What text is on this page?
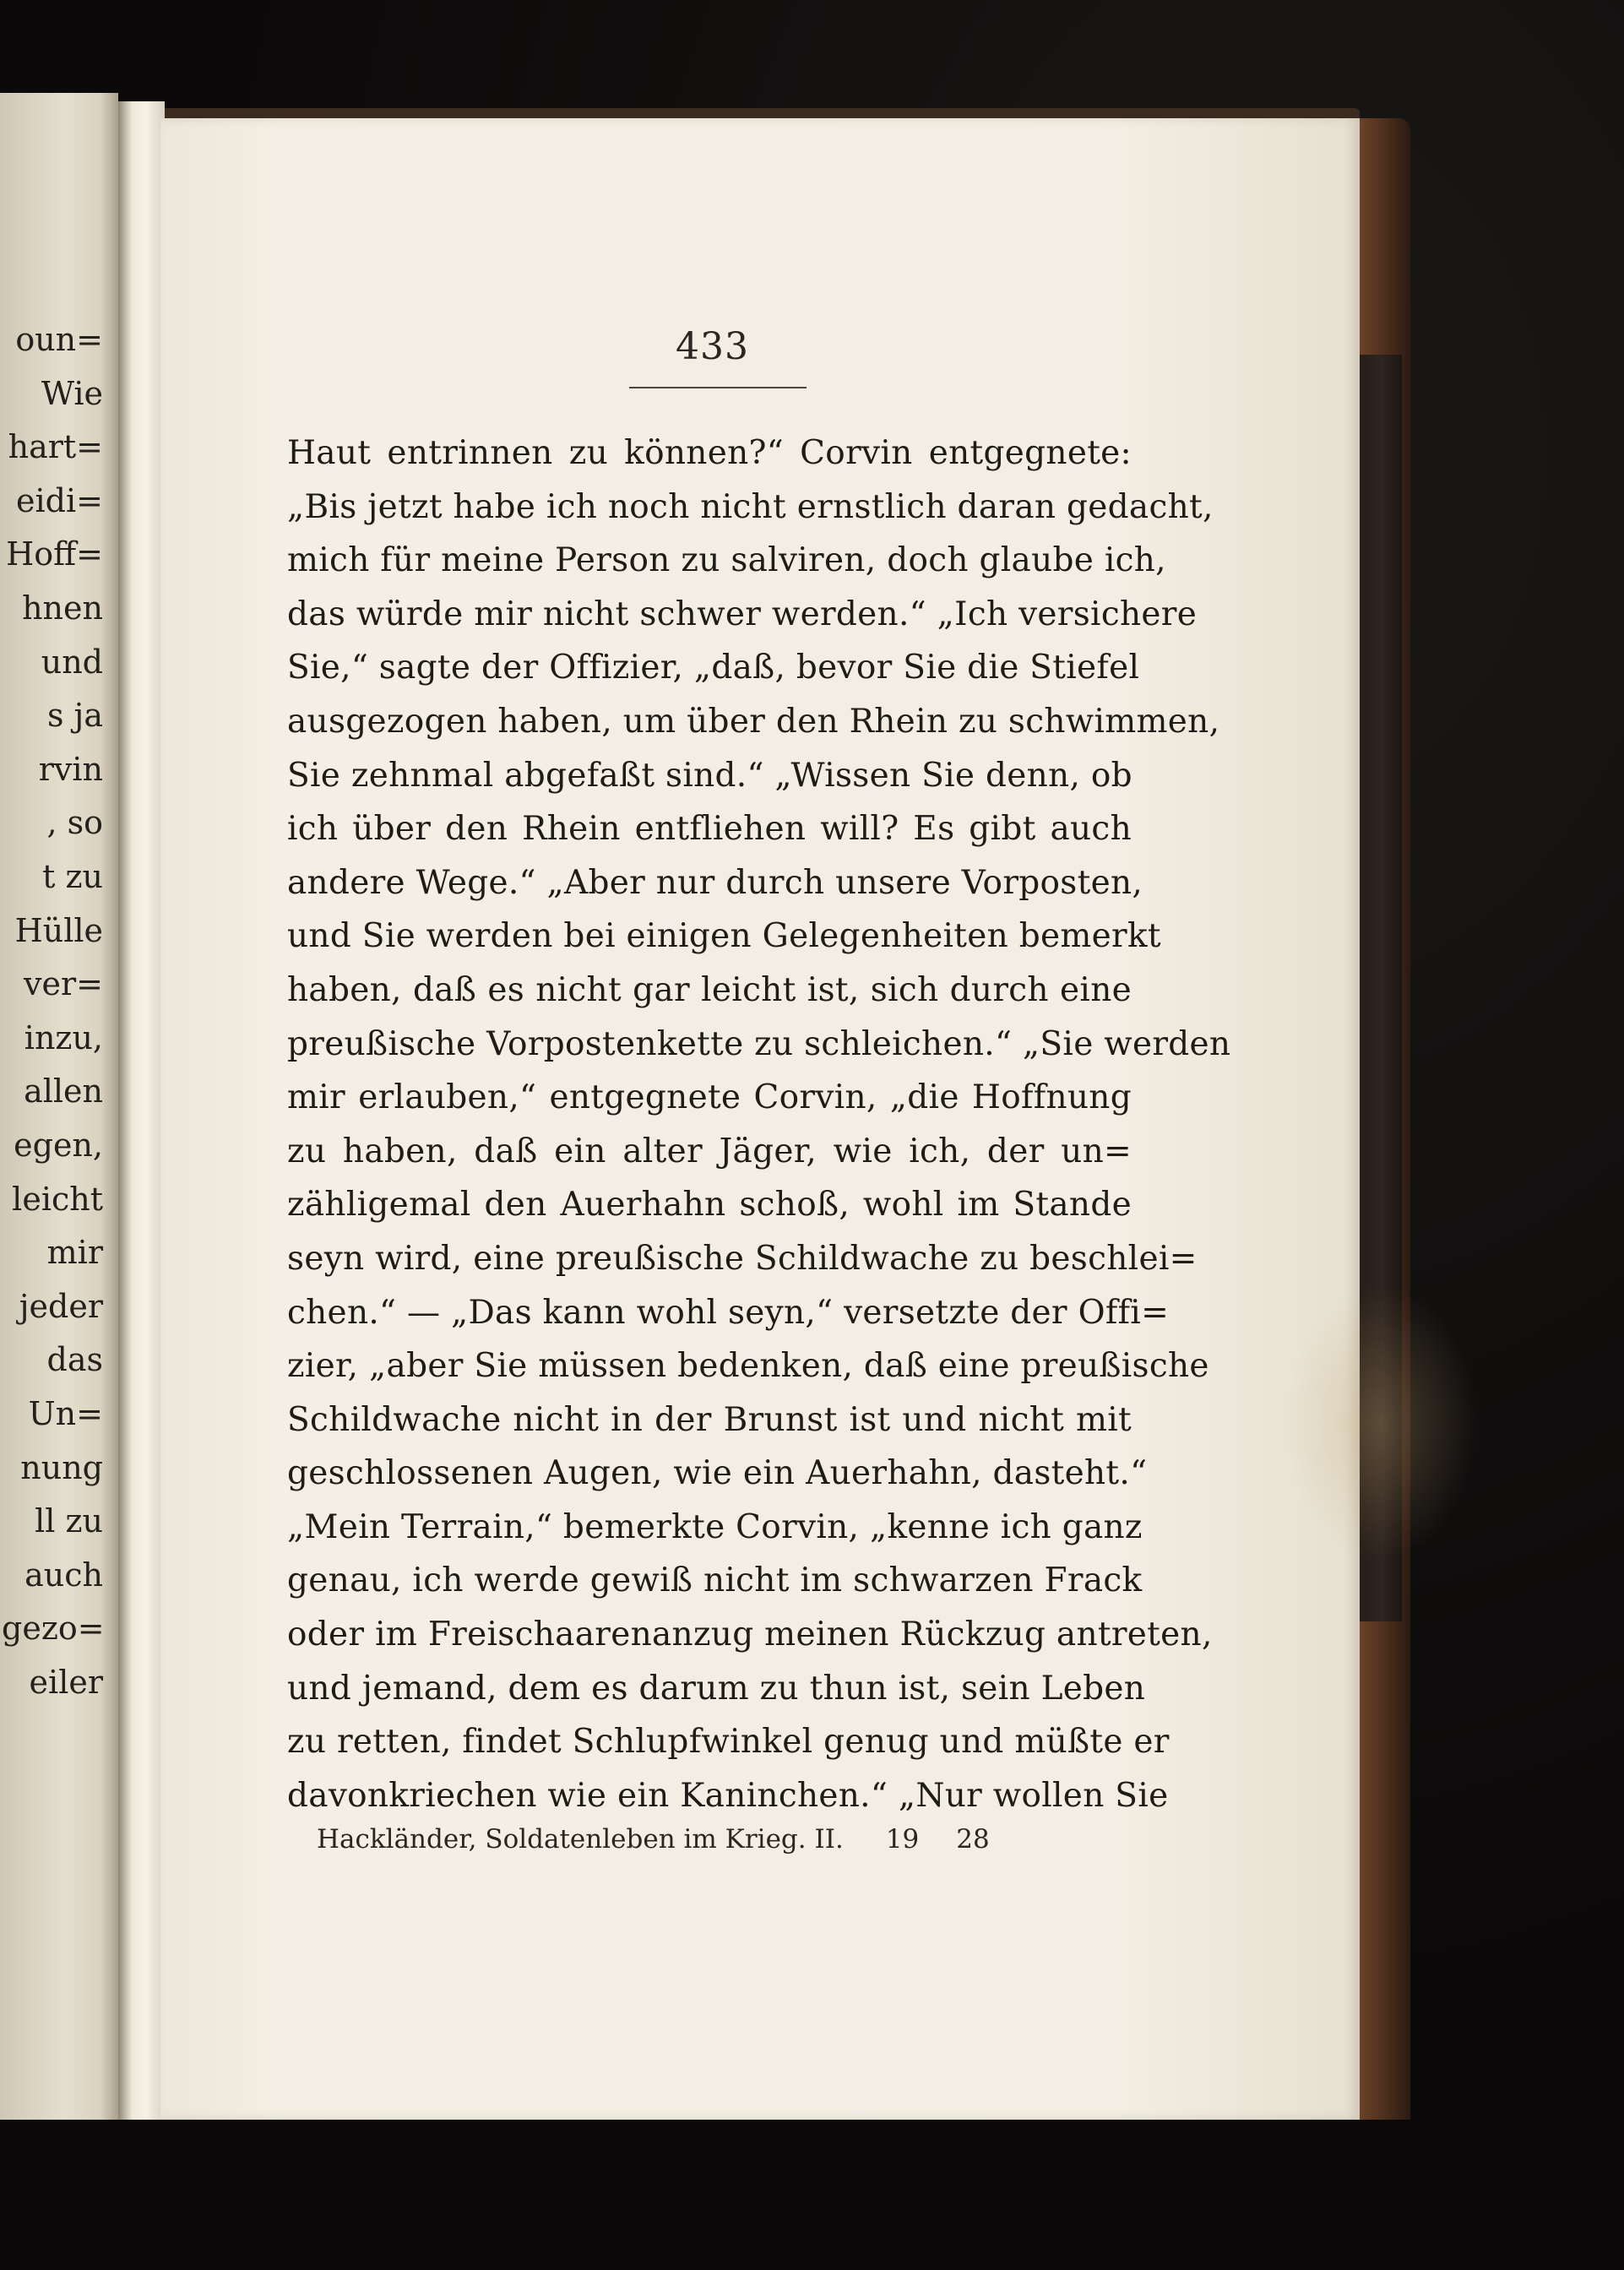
oun=
Wie
hart=
eidi=
Hoff=
hnen
und
s ja
rvin
, so
t zu
Hülle
ver=
inzu,
allen
egen,
leicht
mir
jeder
das
Un=
nung
ll zu
auch
gezo=
eiler
433
Haut entrinnen zu können?“ Corvin entgegnete:
„Bis jetzt habe ich noch nicht ernstlich daran gedacht,
mich für meine Person zu salviren, doch glaube ich,
das würde mir nicht schwer werden.“ „Ich versichere
Sie,“ sagte der Offizier, „daß, bevor Sie die Stiefel
ausgezogen haben, um über den Rhein zu schwimmen,
Sie zehnmal abgefaßt sind.“ „Wissen Sie denn, ob
ich über den Rhein entfliehen will? Es gibt auch
andere Wege.“ „Aber nur durch unsere Vorposten,
und Sie werden bei einigen Gelegenheiten bemerkt
haben, daß es nicht gar leicht ist, sich durch eine
preußische Vorpostenkette zu schleichen.“ „Sie werden
mir erlauben,“ entgegnete Corvin, „die Hoffnung
zu haben, daß ein alter Jäger, wie ich, der un=
zähligemal den Auerhahn schoß, wohl im Stande
seyn wird, eine preußische Schildwache zu beschlei=
chen.“ — „Das kann wohl seyn,“ versetzte der Offi=
zier, „aber Sie müssen bedenken, daß eine preußische
Schildwache nicht in der Brunst ist und nicht mit
geschlossenen Augen, wie ein Auerhahn, dasteht.“
„Mein Terrain,“ bemerkte Corvin, „kenne ich ganz
genau, ich werde gewiß nicht im schwarzen Frack
oder im Freischaarenanzug meinen Rückzug antreten,
und jemand, dem es darum zu thun ist, sein Leben
zu retten, findet Schlupfwinkel genug und müßte er
davonkriechen wie ein Kaninchen.“ „Nur wollen Sie
Hackländer, Soldatenleben im Krieg. II. 19 28
